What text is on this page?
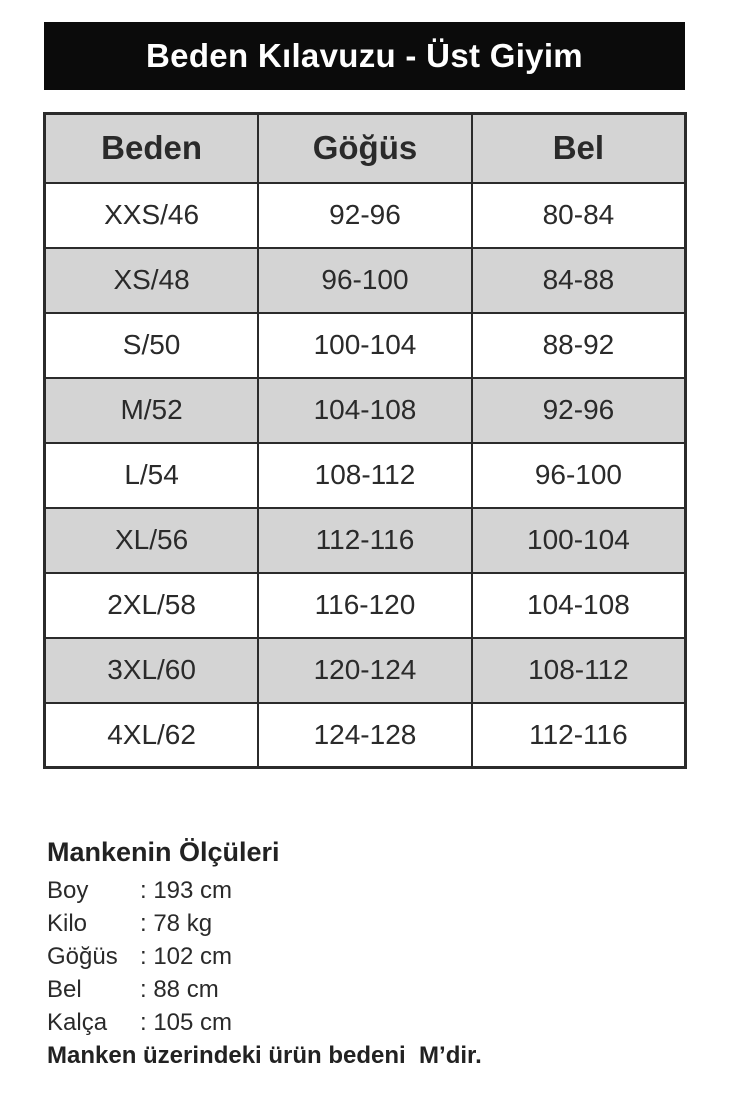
Beden Kılavuzu - Üst Giyim
Beden	Göğüs	Bel
XXS/46	92-96	80-84
XS/48	96-100	84-88
S/50	100-104	88-92
M/52	104-108	92-96
L/54	108-112	96-100
XL/56	112-116	100-104
2XL/58	116-120	104-108
3XL/60	120-124	108-112
4XL/62	124-128	112-116
Mankenin Ölçüleri
Boy	: 193 cm
Kilo	: 78 kg
Göğüs : 102 cm
Bel	: 88 cm
Kalça	: 105 cm
Manken üzerindeki ürün bedeni  M’dir.
